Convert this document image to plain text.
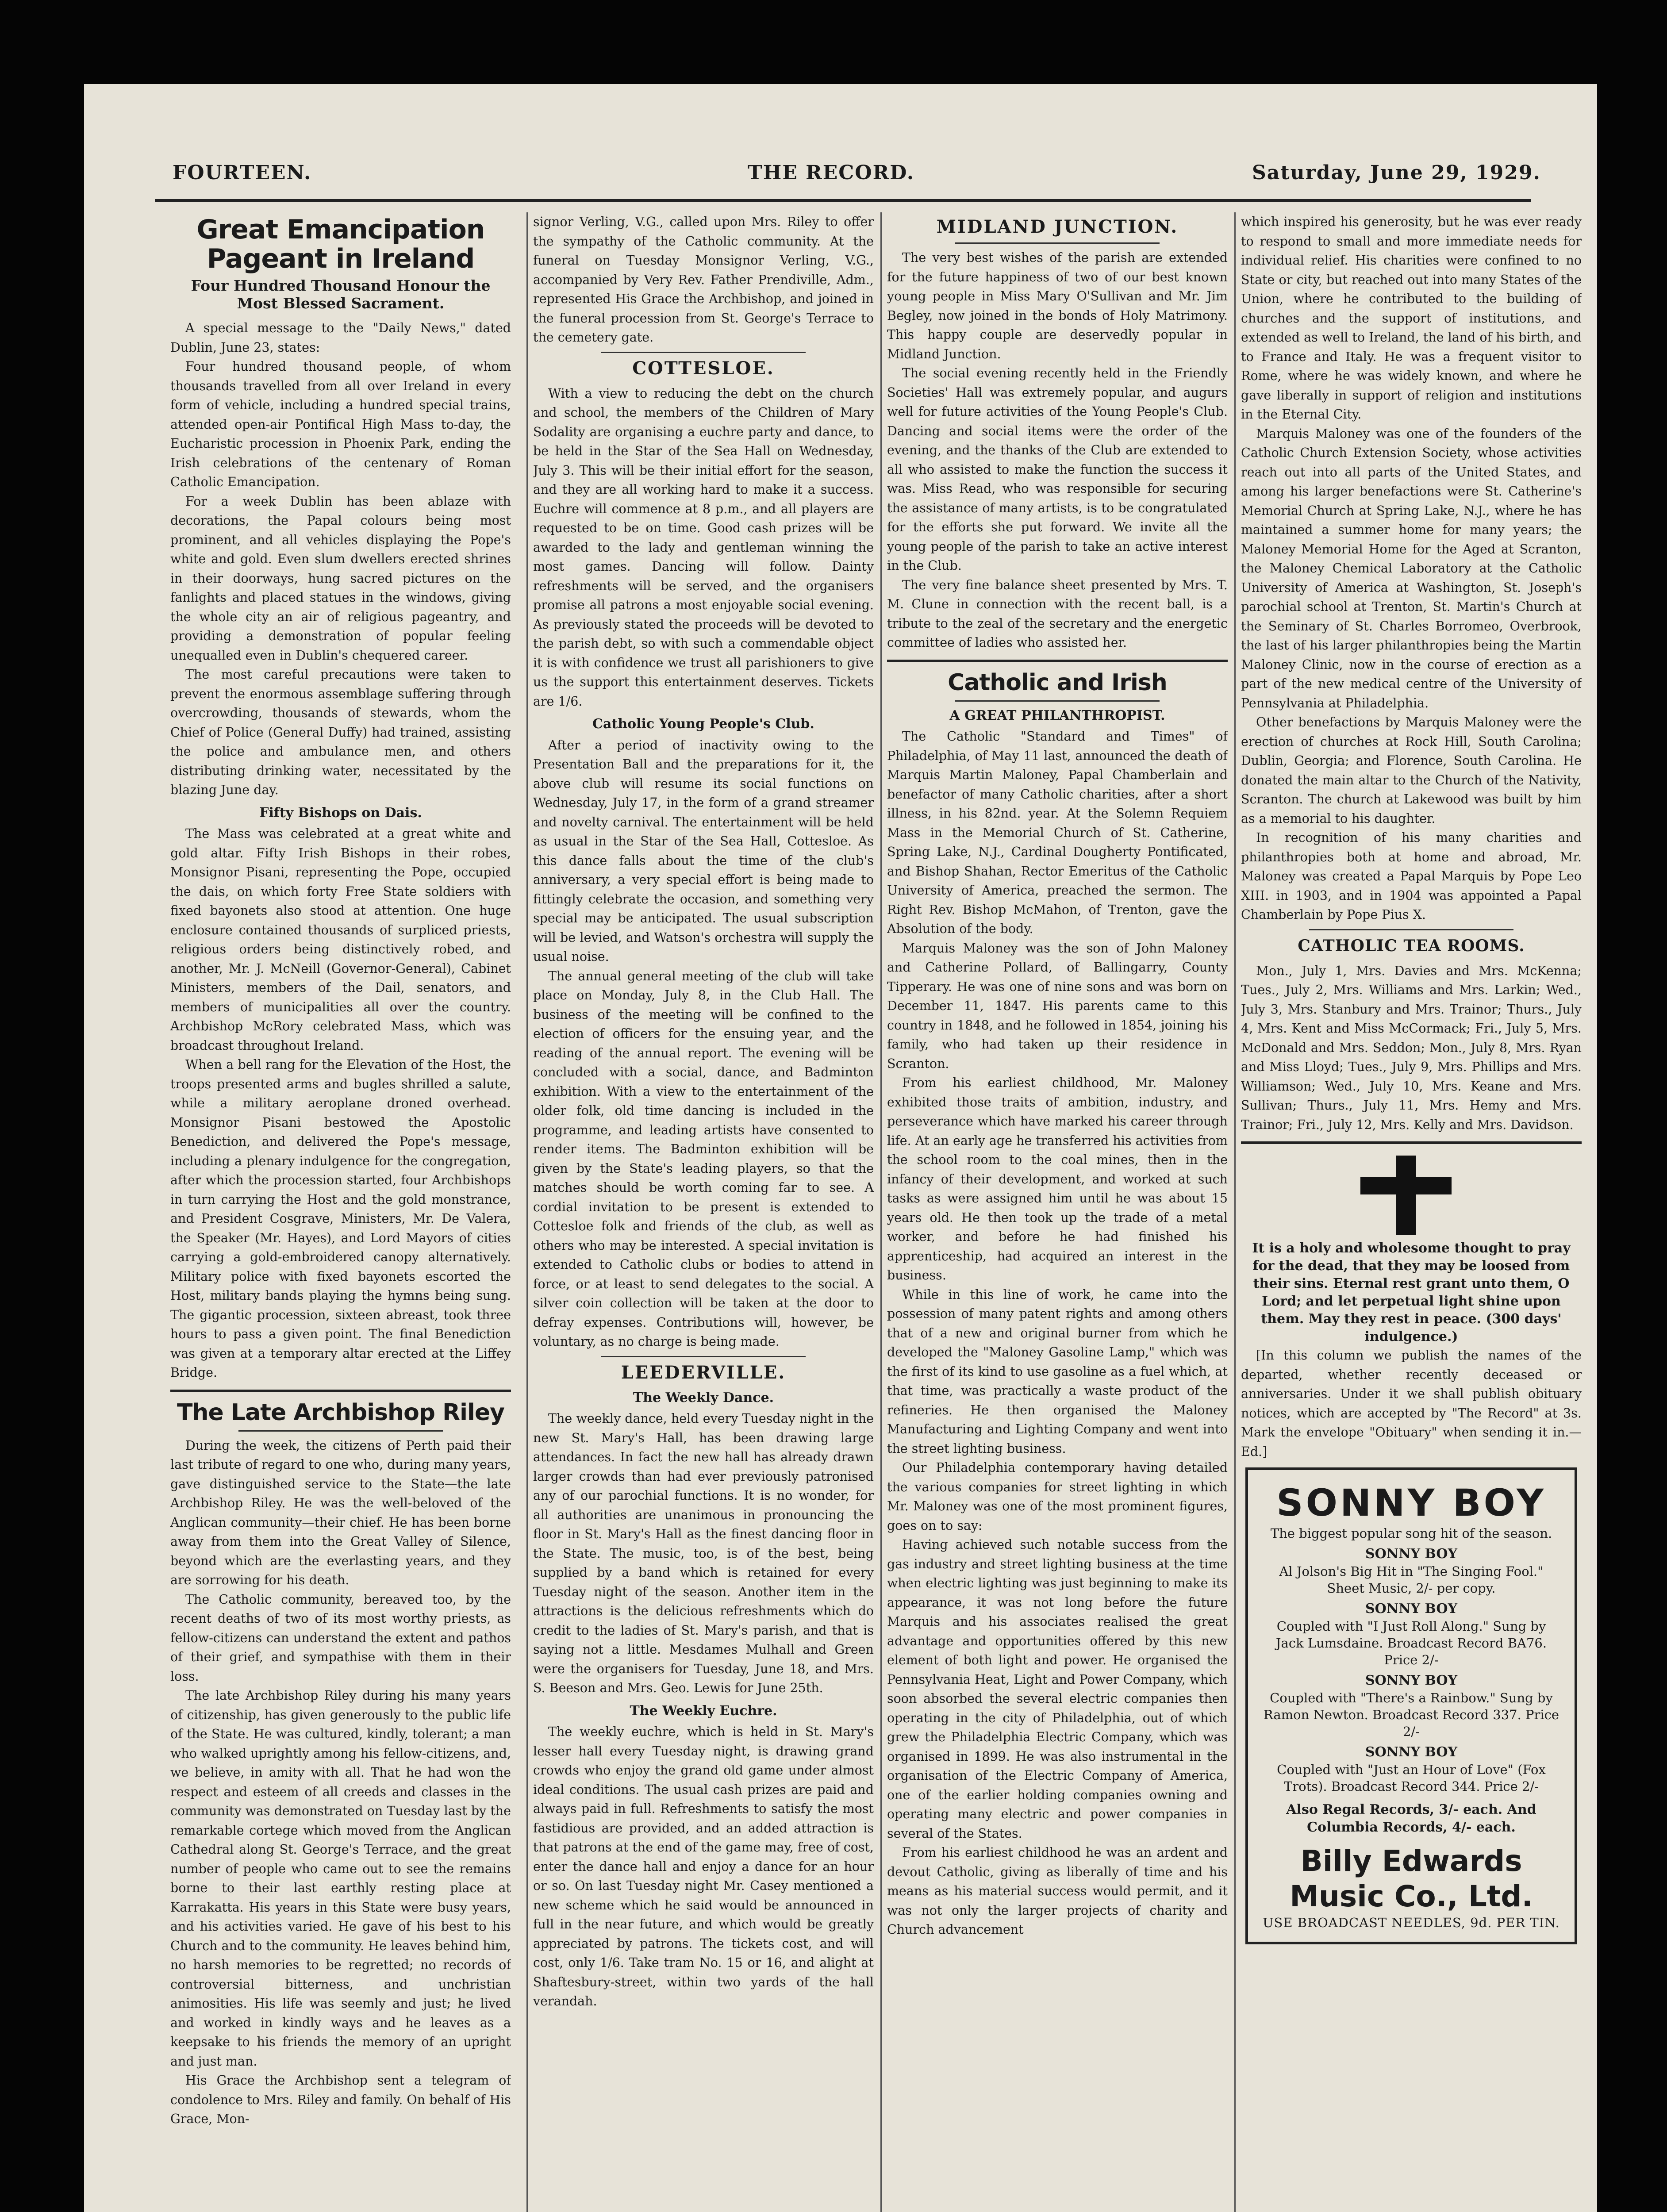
FOURTEEN.	THE RECORD.	Saturday, June 29, 1929.
Great Emancipation Pageant in Ireland
Four Hundred Thousand Honour the Most Blessed Sacrament.

A special message to the "Daily News," dated Dublin, June 23, states:

Four hundred thousand people, of whom thousands travelled from all over Ireland in every form of vehicle, including a hundred special trains, attended open-air Pontifical High Mass to-day, the Eucharistic procession in Phoenix Park, ending the Irish celebrations of the centenary of Roman Catholic Emancipation.

For a week Dublin has been ablaze with decorations, the Papal colours being most prominent, and all vehicles displaying the Pope's white and gold. Even slum dwellers erected shrines in their doorways, hung sacred pictures on the fanlights and placed statues in the windows, giving the whole city an air of religious pageantry, and providing a demonstration of popular feeling unequalled even in Dublin's chequered career.

The most careful precautions were taken to prevent the enormous assemblage suffering through overcrowding, thousands of stewards, whom the Chief of Police (General Duffy) had trained, assisting the police and ambulance men, and others distributing drinking water, necessitated by the blazing June day.

Fifty Bishops on Dais.

The Mass was celebrated at a great white and gold altar. Fifty Irish Bishops in their robes, Monsignor Pisani, representing the Pope, occupied the dais, on which forty Free State soldiers with fixed bayonets also stood at attention. One huge enclosure contained thousands of surpliced priests, religious orders being distinctively robed, and another, Mr. J. McNeill (Governor-General), Cabinet Ministers, members of the Dail, senators, and members of municipalities all over the country. Archbishop McRory celebrated Mass, which was broadcast throughout Ireland.

When a bell rang for the Elevation of the Host, the troops presented arms and bugles shrilled a salute, while a military aeroplane droned overhead. Monsignor Pisani bestowed the Apostolic Benediction, and delivered the Pope's message, including a plenary indulgence for the congregation, after which the procession started, four Archbishops in turn carrying the Host and the gold monstrance, and President Cosgrave, Ministers, Mr. De Valera, the Speaker (Mr. Hayes), and Lord Mayors of cities carrying a gold-embroidered canopy alternatively. Military police with fixed bayonets escorted the Host, military bands playing the hymns being sung. The gigantic procession, sixteen abreast, took three hours to pass a given point. The final Benediction was given at a temporary altar erected at the Liffey Bridge.

The Late Archbishop Riley

During the week, the citizens of Perth paid their last tribute of regard to one who, during many years, gave distinguished service to the State—the late Archbishop Riley. He was the well-beloved of the Anglican community—their chief. He has been borne away from them into the Great Valley of Silence, beyond which are the everlasting years, and they are sorrowing for his death.

The Catholic community, bereaved too, by the recent deaths of two of its most worthy priests, as fellow-citizens can understand the extent and pathos of their grief, and sympathise with them in their loss.

The late Archbishop Riley during his many years of citizenship, has given generously to the public life of the State. He was cultured, kindly, tolerant; a man who walked uprightly among his fellow-citizens, and, we believe, in amity with all. That he had won the respect and esteem of all creeds and classes in the community was demonstrated on Tuesday last by the remarkable cortege which moved from the Anglican Cathedral along St. George's Terrace, and the great number of people who came out to see the remains borne to their last earthly resting place at Karrakatta. His years in this State were busy years, and his activities varied. He gave of his best to his Church and to the community. He leaves behind him, no harsh memories to be regretted; no records of controversial bitterness, and unchristian animosities. His life was seemly and just; he lived and worked in kindly ways and he leaves as a keepsake to his friends the memory of an upright and just man.

His Grace the Archbishop sent a telegram of condolence to Mrs. Riley and family. On behalf of His Grace, Mon-

signor Verling, V.G., called upon Mrs. Riley to offer the sympathy of the Catholic community. At the funeral on Tuesday Monsignor Verling, V.G., accompanied by Very Rev. Father Prendiville, Adm., represented His Grace the Archbishop, and joined in the funeral procession from St. George's Terrace to the cemetery gate.

COTTESLOE.

With a view to reducing the debt on the church and school, the members of the Children of Mary Sodality are organising a euchre party and dance, to be held in the Star of the Sea Hall on Wednesday, July 3. This will be their initial effort for the season, and they are all working hard to make it a success. Euchre will commence at 8 p.m., and all players are requested to be on time. Good cash prizes will be awarded to the lady and gentleman winning the most games. Dancing will follow. Dainty refreshments will be served, and the organisers promise all patrons a most enjoyable social evening. As previously stated the proceeds will be devoted to the parish debt, so with such a commendable object it is with confidence we trust all parishioners to give us the support this entertainment deserves. Tickets are 1/6.

Catholic Young People's Club.

After a period of inactivity owing to the Presentation Ball and the preparations for it, the above club will resume its social functions on Wednesday, July 17, in the form of a grand streamer and novelty carnival. The entertainment will be held as usual in the Star of the Sea Hall, Cottesloe. As this dance falls about the time of the club's anniversary, a very special effort is being made to fittingly celebrate the occasion, and something very special may be anticipated. The usual subscription will be levied, and Watson's orchestra will supply the usual noise.

The annual general meeting of the club will take place on Monday, July 8, in the Club Hall. The business of the meeting will be confined to the election of officers for the ensuing year, and the reading of the annual report. The evening will be concluded with a social, dance, and Badminton exhibition. With a view to the entertainment of the older folk, old time dancing is included in the programme, and leading artists have consented to render items. The Badminton exhibition will be given by the State's leading players, so that the matches should be worth coming far to see. A cordial invitation to be present is extended to Cottesloe folk and friends of the club, as well as others who may be interested. A special invitation is extended to Catholic clubs or bodies to attend in force, or at least to send delegates to the social. A silver coin collection will be taken at the door to defray expenses. Contributions will, however, be voluntary, as no charge is being made.

LEEDERVILLE.
The Weekly Dance.

The weekly dance, held every Tuesday night in the new St. Mary's Hall, has been drawing large attendances. In fact the new hall has already drawn larger crowds than had ever previously patronised any of our parochial functions. It is no wonder, for all authorities are unanimous in pronouncing the floor in St. Mary's Hall as the finest dancing floor in the State. The music, too, is of the best, being supplied by a band which is retained for every Tuesday night of the season. Another item in the attractions is the delicious refreshments which do credit to the ladies of St. Mary's parish, and that is saying not a little. Mesdames Mulhall and Green were the organisers for Tuesday, June 18, and Mrs. S. Beeson and Mrs. Geo. Lewis for June 25th.

The Weekly Euchre.

The weekly euchre, which is held in St. Mary's lesser hall every Tuesday night, is drawing grand crowds who enjoy the grand old game under almost ideal conditions. The usual cash prizes are paid and always paid in full. Refreshments to satisfy the most fastidious are provided, and an added attraction is that patrons at the end of the game may, free of cost, enter the dance hall and enjoy a dance for an hour or so. On last Tuesday night Mr. Casey mentioned a new scheme which he said would be announced in full in the near future, and which would be greatly appreciated by patrons. The tickets cost, and will cost, only 1/6. Take tram No. 15 or 16, and alight at Shaftesbury-street, within two yards of the hall verandah.

MIDLAND JUNCTION.

The very best wishes of the parish are extended for the future happiness of two of our best known young people in Miss Mary O'Sullivan and Mr. Jim Begley, now joined in the bonds of Holy Matrimony. This happy couple are deservedly popular in Midland Junction.

The social evening recently held in the Friendly Societies' Hall was extremely popular, and augurs well for future activities of the Young People's Club. Dancing and social items were the order of the evening, and the thanks of the Club are extended to all who assisted to make the function the success it was. Miss Read, who was responsible for securing the assistance of many artists, is to be congratulated for the efforts she put forward. We invite all the young people of the parish to take an active interest in the Club.

The very fine balance sheet presented by Mrs. T. M. Clune in connection with the recent ball, is a tribute to the zeal of the secretary and the energetic committee of ladies who assisted her.

Catholic and Irish
A GREAT PHILANTHROPIST.

The Catholic "Standard and Times" of Philadelphia, of May 11 last, announced the death of Marquis Martin Maloney, Papal Chamberlain and benefactor of many Catholic charities, after a short illness, in his 82nd. year. At the Solemn Requiem Mass in the Memorial Church of St. Catherine, Spring Lake, N.J., Cardinal Dougherty Pontificated, and Bishop Shahan, Rector Emeritus of the Catholic University of America, preached the sermon. The Right Rev. Bishop McMahon, of Trenton, gave the Absolution of the body.

Marquis Maloney was the son of John Maloney and Catherine Pollard, of Ballingarry, County Tipperary. He was one of nine sons and was born on December 11, 1847. His parents came to this country in 1848, and he followed in 1854, joining his family, who had taken up their residence in Scranton.

From his earliest childhood, Mr. Maloney exhibited those traits of ambition, industry, and perseverance which have marked his career through life. At an early age he transferred his activities from the school room to the coal mines, then in the infancy of their development, and worked at such tasks as were assigned him until he was about 15 years old. He then took up the trade of a metal worker, and before he had finished his apprenticeship, had acquired an interest in the business.

While in this line of work, he came into the possession of many patent rights and among others that of a new and original burner from which he developed the "Maloney Gasoline Lamp," which was the first of its kind to use gasoline as a fuel which, at that time, was practically a waste product of the refineries. He then organised the Maloney Manufacturing and Lighting Company and went into the street lighting business.

Our Philadelphia contemporary having detailed the various companies for street lighting in which Mr. Maloney was one of the most prominent figures, goes on to say:

Having achieved such notable success from the gas industry and street lighting business at the time when electric lighting was just beginning to make its appearance, it was not long before the future Marquis and his associates realised the great advantage and opportunities offered by this new element of both light and power. He organised the Pennsylvania Heat, Light and Power Company, which soon absorbed the several electric companies then operating in the city of Philadelphia, out of which grew the Philadelphia Electric Company, which was organised in 1899. He was also instrumental in the organisation of the Electric Company of America, one of the earlier holding companies owning and operating many electric and power companies in several of the States.

From his earliest childhood he was an ardent and devout Catholic, giving as liberally of time and his means as his material success would permit, and it was not only the larger projects of charity and Church advancement

which inspired his generosity, but he was ever ready to respond to small and more immediate needs for individual relief. His charities were confined to no State or city, but reached out into many States of the Union, where he contributed to the building of churches and the support of institutions, and extended as well to Ireland, the land of his birth, and to France and Italy. He was a frequent visitor to Rome, where he was widely known, and where he gave liberally in support of religion and institutions in the Eternal City.

Marquis Maloney was one of the founders of the Catholic Church Extension Society, whose activities reach out into all parts of the United States, and among his larger benefactions were St. Catherine's Memorial Church at Spring Lake, N.J., where he has maintained a summer home for many years; the Maloney Memorial Home for the Aged at Scranton, the Maloney Chemical Laboratory at the Catholic University of America at Washington, St. Joseph's parochial school at Trenton, St. Martin's Church at the Seminary of St. Charles Borromeo, Overbrook, the last of his larger philanthropies being the Martin Maloney Clinic, now in the course of erection as a part of the new medical centre of the University of Pennsylvania at Philadelphia.

Other benefactions by Marquis Maloney were the erection of churches at Rock Hill, South Carolina; Dublin, Georgia; and Florence, South Carolina. He donated the main altar to the Church of the Nativity, Scranton. The church at Lakewood was built by him as a memorial to his daughter.

In recognition of his many charities and philanthropies both at home and abroad, Mr. Maloney was created a Papal Marquis by Pope Leo XIII. in 1903, and in 1904 was appointed a Papal Chamberlain by Pope Pius X.

CATHOLIC TEA ROOMS.

Mon., July 1, Mrs. Davies and Mrs. McKenna; Tues., July 2, Mrs. Williams and Mrs. Larkin; Wed., July 3, Mrs. Stanbury and Mrs. Trainor; Thurs., July 4, Mrs. Kent and Miss McCormack; Fri., July 5, Mrs. McDonald and Mrs. Seddon; Mon., July 8, Mrs. Ryan and Miss Lloyd; Tues., July 9, Mrs. Phillips and Mrs. Williamson; Wed., July 10, Mrs. Keane and Mrs. Sullivan; Thurs., July 11, Mrs. Hemy and Mrs. Trainor; Fri., July 12, Mrs. Kelly and Mrs. Davidson.

It is a holy and wholesome thought to pray for the dead, that they may be loosed from their sins. Eternal rest grant unto them, O Lord; and let perpetual light shine upon them. May they rest in peace. (300 days' indulgence.)

[In this column we publish the names of the departed, whether recently deceased or anniversaries. Under it we shall publish obituary notices, which are accepted by "The Record" at 3s. Mark the envelope "Obituary" when sending it in.—Ed.]

SONNY BOY
The biggest popular song hit of the season.
SONNY BOY
Al Jolson's Big Hit in "The Singing Fool." Sheet Music, 2/- per copy.
SONNY BOY
Coupled with "I Just Roll Along." Sung by Jack Lumsdaine. Broadcast Record BA76. Price 2/-
SONNY BOY
Coupled with "There's a Rainbow." Sung by Ramon Newton. Broadcast Record 337. Price 2/-
SONNY BOY
Coupled with "Just an Hour of Love" (Fox Trots). Broadcast Record 344. Price 2/-
Also Regal Records, 3/- each. And Columbia Records, 4/- each.
Billy Edwards Music Co., Ltd.
USE BROADCAST NEEDLES, 9d. PER TIN.
